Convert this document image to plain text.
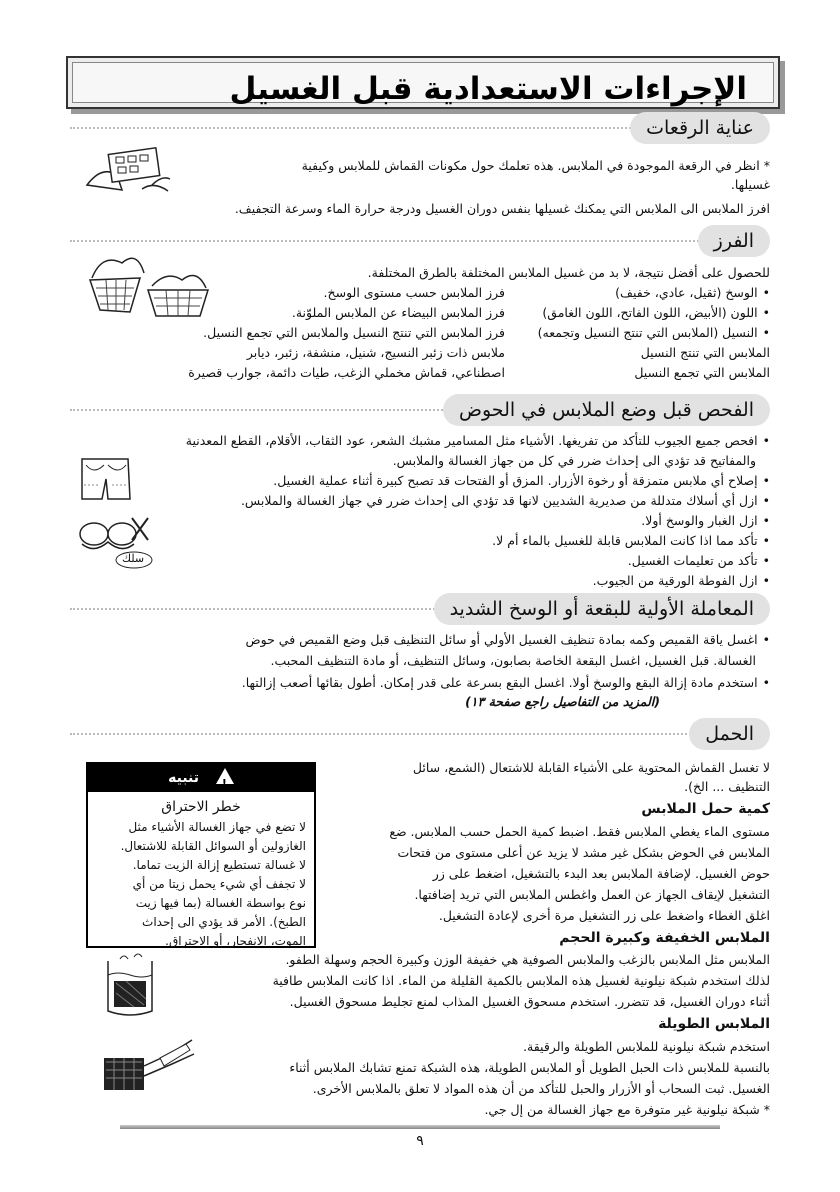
الإجراءات الاستعدادية قبل الغسيل
عناية الرقعات
* انظر في الرقعة الموجودة في الملابس. هذه تعلمك حول مكونات القماش للملابس وكيفية
غسيلها.
افرز الملابس الى الملابس التي يمكنك غسيلها بنفس دوران الغسيل ودرجة حرارة الماء وسرعة التجفيف.
الفرز
للحصول على أفضل نتيجة، لا بد من غسيل الملابس المختلفة بالطرق المختلفة.
• الوسخ (ثقيل، عادي، خفيف)
فرز الملابس حسب مستوى الوسخ.
• اللون (الأبيض، اللون الفاتح، اللون الغامق)
فرز الملابس البيضاء عن الملابس الملوّنة.
• النسيل (الملابس التي تنتج النسيل وتجمعه)
فرز الملابس التي تنتج النسيل والملابس التي تجمع النسيل.
الملابس التي تنتج النسيل
ملابس ذات زئبر النسيج، شنيل، منشفة، زئبر، ديابر
الملابس التي تجمع النسيل
اصطناعي، قماش مخملي الزغب، طيات دائمة، جوارب قصيرة
الفحص قبل وضع الملابس في الحوض
• افحص جميع الجيوب للتأكد من تفريغها. الأشياء مثل المسامير مشبك الشعر، عود الثقاب، الأقلام، القطع المعدنية
والمفاتيح قد تؤدي الى إحداث ضرر في كل من جهاز الغسالة والملابس.
• إصلاح أي ملابس متمزقة أو رخوة الأزرار. المزق أو الفتحات قد تصبح كبيرة أثناء عملية الغسيل.
• ازل أي أسلاك متدللة من صديرية الشديين لانها قد تؤدي الى إحداث ضرر في جهاز الغسالة والملابس.
• ازل الغبار والوسخ أولا.
• تأكد مما اذا كانت الملابس قابلة للغسيل بالماء أم لا.
• تأكد من تعليمات الغسيل.
• ازل الفوطة الورقية من الجيوب.
سلك
المعاملة الأولية للبقعة أو الوسخ الشديد
• اغسل ياقة القميص وكمه بمادة تنظيف الغسيل الأولي أو سائل التنظيف قبل وضع القميص في حوض
الغسالة. قبل الغسيل، اغسل البقعة الخاصة بصابون، وسائل التنظيف، أو مادة التنظيف المحبب.
• استخدم مادة إزالة البقع والوسخ أولا. اغسل البقع بسرعة على قدر إمكان. أطول بقائها أصعب إزالتها.
(المزيد من التفاصيل راجع صفحة ١٣)
الحمل
لا تغسل القماش المحتوية على الأشياء القابلة للاشتعال (الشمع، سائل
التنظيف ... الخ).
كمية حمل الملابس
مستوى الماء يغطي الملابس فقط. اضبط كمية الحمل حسب الملابس. ضع
الملابس في الحوض بشكل غير مشد لا يزيد عن أعلى مستوى من فتحات
حوض الغسيل. لإضافة الملابس بعد البدء بالتشغيل، اضغط على زر
التشغيل لإيقاف الجهاز عن العمل واغطس الملابس التي تريد إضافتها.
اغلق الغطاء واضغط على زر التشغيل مرة أخرى لإعادة التشغيل.
الملابس الخفيفة وكبيرة الحجم
الملابس مثل الملابس بالزغب والملابس الصوفية هي خفيفة الوزن وكبيرة الحجم وسهلة الطفو.
لذلك استخدم شبكة نيلونية لغسيل هذه الملابس بالكمية القليلة من الماء. اذا كانت الملابس طافية
أثناء دوران الغسيل، قد تتضرر. استخدم مسحوق الغسيل المذاب لمنع تجليط مسحوق الغسيل.
الملابس الطويلة
استخدم شبكة نيلونية للملابس الطويلة والرقيقة.
بالنسبة للملابس ذات الحبل الطويل أو الملابس الطويلة، هذه الشبكة تمنع تشابك الملابس أثناء
الغسيل. ثبت السحاب أو الأزرار والحبل للتأكد من أن هذه المواد لا تعلق بالملابس الأخرى.
* شبكة نيلونية غير متوفرة مع جهاز الغسالة من إل جي.
! تنبيه
خطر الاحتراق
لا تضع في جهاز الغسالة الأشياء مثل
الغازولين أو السوائل القابلة للاشتعال.
لا غسالة تستطيع إزالة الزيت تماما.
لا تجفف أي شيء يحمل زيتا من أي
نوع بواسطة الغسالة (بما فيها زيت
الطبخ). الأمر قد يؤدي الى إحداث
الموت، الانفجار، أو الاحتراق.
٩
